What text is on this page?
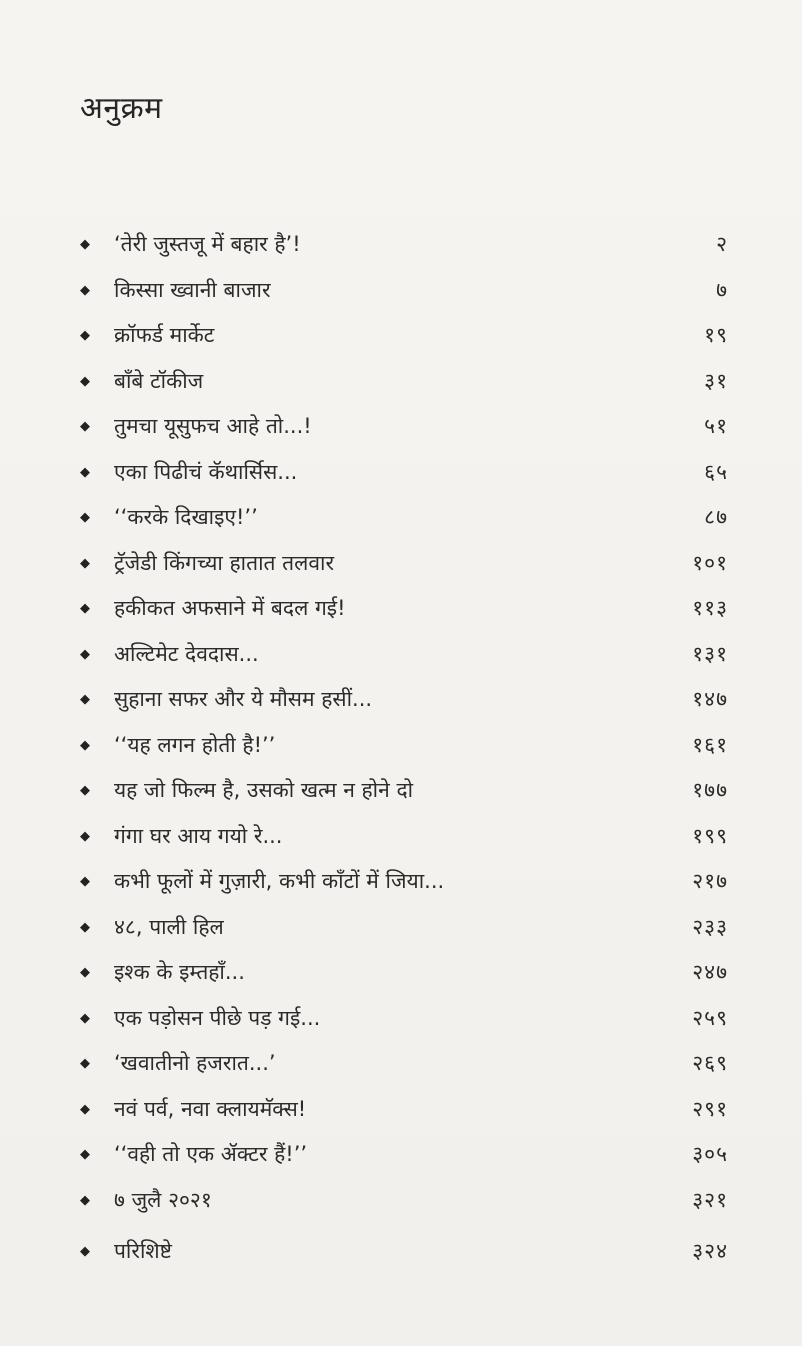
अनुक्रम
◆ ‘तेरी जुस्तजू में बहार है’!	२
◆ किस्सा ख्वानी बाजार	७
◆ क्रॉफर्ड मार्केट	१९
◆ बॉंबे टॉकीज	३१
◆ तुमचा यूसुफच आहे तो...!	५१
◆ एका पिढीचं कॅथार्सिस...	६५
◆ ‘‘करके दिखाइए!’’	८७
◆ ट्रॅजेडी किंगच्या हातात तलवार	१०१
◆ हकीकत अफसाने में बदल गई!	११३
◆ अल्टिमेट देवदास...	१३१
◆ सुहाना सफर और ये मौसम हसीं...	१४७
◆ ‘‘यह लगन होती है!’’	१६१
◆ यह जो फिल्म है, उसको खत्म न होने दो	१७७
◆ गंगा घर आय गयो रे...	१९९
◆ कभी फूलों में गुज़ारी, कभी काँटों में जिया...	२१७
◆ ४८, पाली हिल	२३३
◆ इश्क के इम्तहाँ...	२४७
◆ एक पड़ोसन पीछे पड़ गई...	२५९
◆ ‘खवातीनो हजरात...’	२६९
◆ नवं पर्व, नवा क्लायमॅक्स!	२९१
◆ ‘‘वही तो एक ॲक्टर हैं!’’	३०५
◆ ७ जुलै २०२१	३२१
◆ परिशिष्टे	३२४
